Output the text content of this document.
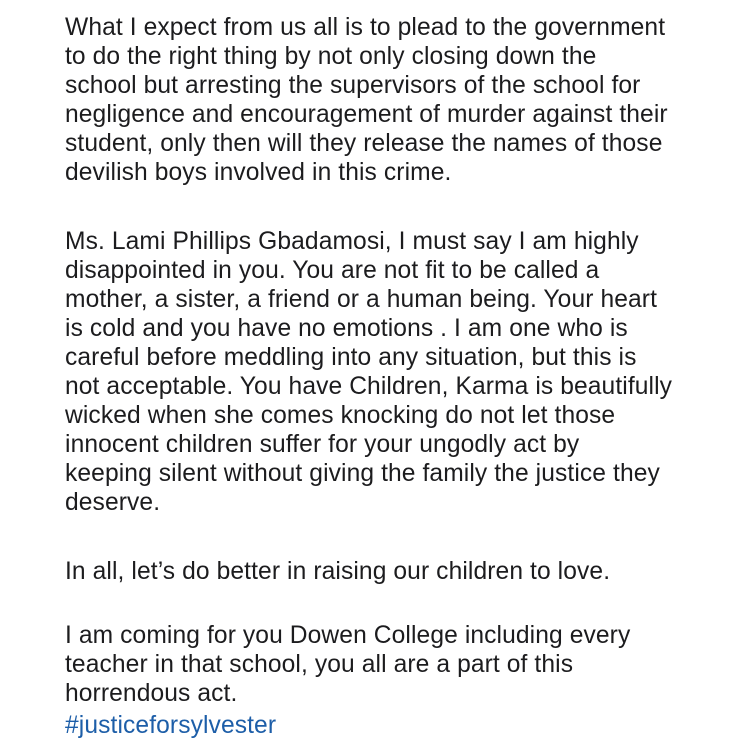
What I expect from us all is to plead to the government
to do the right thing by not only closing down the
school but arresting the supervisors of the school for
negligence and encouragement of murder against their
student, only then will they release the names of those
devilish boys involved in this crime.
Ms. Lami Phillips Gbadamosi, I must say I am highly
disappointed in you. You are not fit to be called a
mother, a sister, a friend or a human being. Your heart
is cold and you have no emotions . I am one who is
careful before meddling into any situation, but this is
not acceptable. You have Children, Karma is beautifully
wicked when she comes knocking do not let those
innocent children suffer for your ungodly act by
keeping silent without giving the family the justice they
deserve.
In all, let’s do better in raising our children to love.
I am coming for you Dowen College including every
teacher in that school, you all are a part of this
horrendous act.
#justiceforsylvester
